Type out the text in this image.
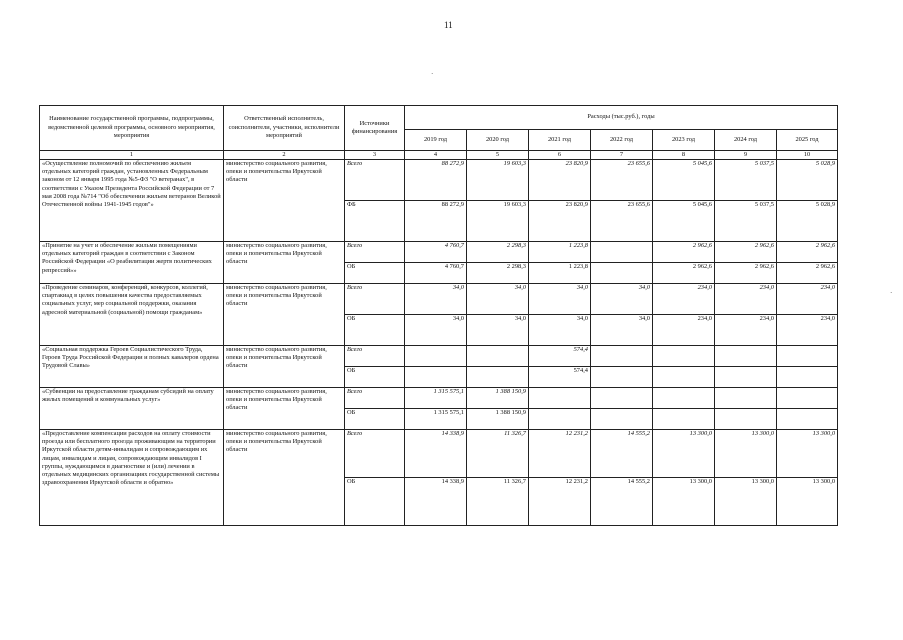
11
·
·
Наименование государственной программы, подпрограммы, ведомственной целевой программы, основного мероприятия, мероприятия	Ответственный исполнитель, соисполнители, участники, исполнители мероприятий	Источники финансирования	Расходы (тыс.руб.), годы						
			2019 год	2020 год	2021 год	2022 год	2023 год	2024 год	2025 год
1	2	3	4	5	6	7	8	9	10
«Осуществление полномочий по обеспечению жильем отдельных категорий граждан, установленных Федеральным законом от 12 января 1995 года №5-ФЗ "О ветеранах", в соответствии с Указом Президента Российской Федерации от 7 мая 2008 года №714 "Об обеспечении жильем ветеранов Великой Отечественной войны 1941-1945 годов"»	министерство социального развития, опеки и попечительства Иркутской области	Всего	88 272,9	19 603,3	23 820,9	23 655,6	5 045,6	5 037,5	5 028,9
		ФБ	88 272,9	19 603,3	23 820,9	23 655,6	5 045,6	5 037,5	5 028,9
«Принятие на учет и обеспечение жильми помещениями отдельных категорий граждан в соответствии с Законом Российской Федерации «О реабилитации жертв политических репрессий»»	министерство социального развития, опеки и попечительства Иркутской области	Всего	4 760,7	2 298,3	1 223,8		2 962,6	2 962,6	2 962,6
		ОБ	4 760,7	2 298,3	1 223,8		2 962,6	2 962,6	2 962,6
«Проведение семинаров, конференций, конкурсов, коллегий, спартакиад в целях повышения качества предоставляемых социальных услуг, мер социальной поддержки, оказания адресной материальной (социальной) помощи гражданам»	министерство социального развития, опеки и попечительства Иркутской области	Всего	34,0	34,0	34,0	34,0	234,0	234,0	234,0
		ОБ	34,0	34,0	34,0	34,0	234,0	234,0	234,0
«Социальная поддержка Героев Социалистического Труда, Героев Труда Российской Федерации и полных кавалеров ордена Трудовой Славы»	министерство социального развития, опеки и попечительства Иркутской области	Всего			574,4				
		ОБ			574,4				
«Субвенции на предоставление гражданам субсидий на оплату жилых помещений и коммунальных услуг»	министерство социального развития, опеки и попечительства Иркутской области	Всего	1 315 575,1	1 388 150,9					
		ОБ	1 315 575,1	1 388 150,9					
«Предоставление компенсации расходов на оплату стоимости проезда или бесплатного проезда проживающим на территории Иркутской области детям-инвалидам и сопровождающим их лицам, инвалидам и лицам, сопровождающим инвалидов I группы, нуждающимся в диагностике и (или) лечении в отдельных медицинских организациях государственной системы здравоохранения Иркутской области и обратно»	министерство социального развития, опеки и попечительства Иркутской области	Всего	14 338,9	11 326,7	12 231,2	14 555,2	13 300,0	13 300,0	13 300,0
		ОБ	14 338,9	11 326,7	12 231,2	14 555,2	13 300,0	13 300,0	13 300,0
